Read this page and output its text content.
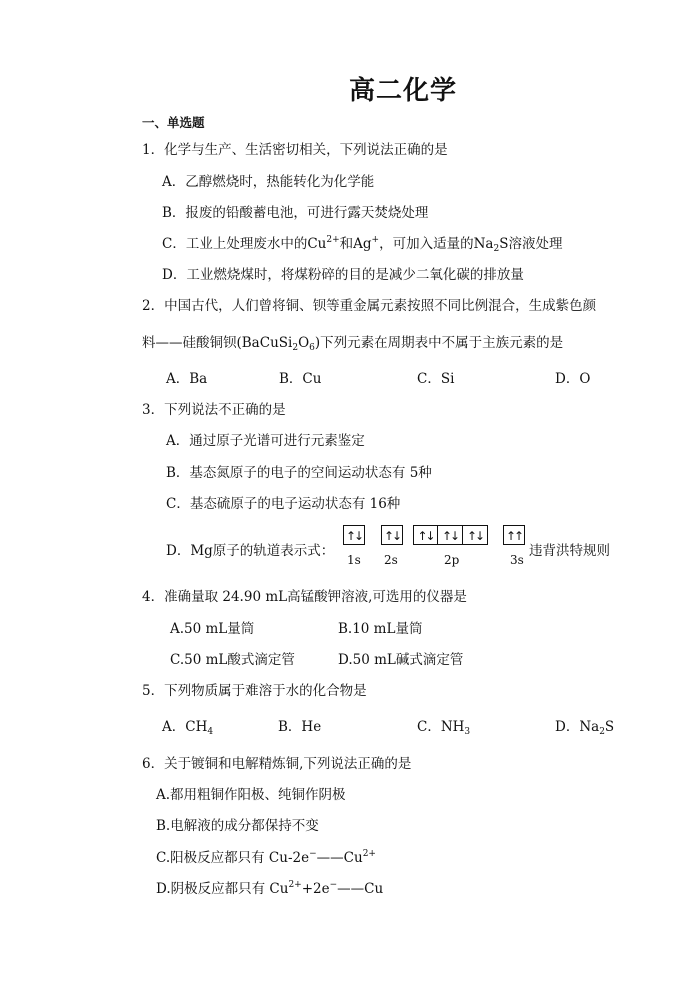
高二化学
一、单选题
1．化学与生产、生活密切相关，下列说法正确的是
A．乙醇燃烧时，热能转化为化学能
B．报废的铅酸蓄电池，可进行露天焚烧处理
C．工业上处理废水中的$Cu^{2+}$和Ag+，可加入适量的$Na_2S$溶液处理
D．工业燃烧煤时，将煤粉碎的目的是减少二氧化碳的排放量
2．中国古代，人们曾将铜、钡等重金属元素按照不同比例混合，生成紫色颜
料——硅酸铜钡$(BaCuSi_2O_6)$下列元素在周期表中不属于主族元素的是
A．Ba	B．Cu	C．Si	D．O
3．下列说法不正确的是
A．通过原子光谱可进行元素鉴定
B．基态氮原子的电子的空间运动状态有 5种
C．基态硫原子的电子运动状态有 16种
D．Mg原子的轨道表示式：
↑↓ ↑↓	↑↓ ↑↓ ↑↓	↑↑
1s 2s	2p	3s
违背洪特规则
4．准确量取 24.90 mL高锰酸钾溶液,可选用的仪器是
A.50 mL量筒	B.10 mL量筒
C.50 mL酸式滴定管	D.50 mL碱式滴定管
5．下列物质属于难溶于水的化合物是
A．$CH_4$	B．He	C．$NH_3$	D．$Na_2S$
6．关于镀铜和电解精炼铜,下列说法正确的是
A.都用粗铜作阳极、纯铜作阴极
B.电解液的成分都保持不变
C.阳极反应都只有 $Cu-2e^-——Cu^{2+}$
D.阴极反应都只有 $Cu^{2+}+2e^-——Cu$
